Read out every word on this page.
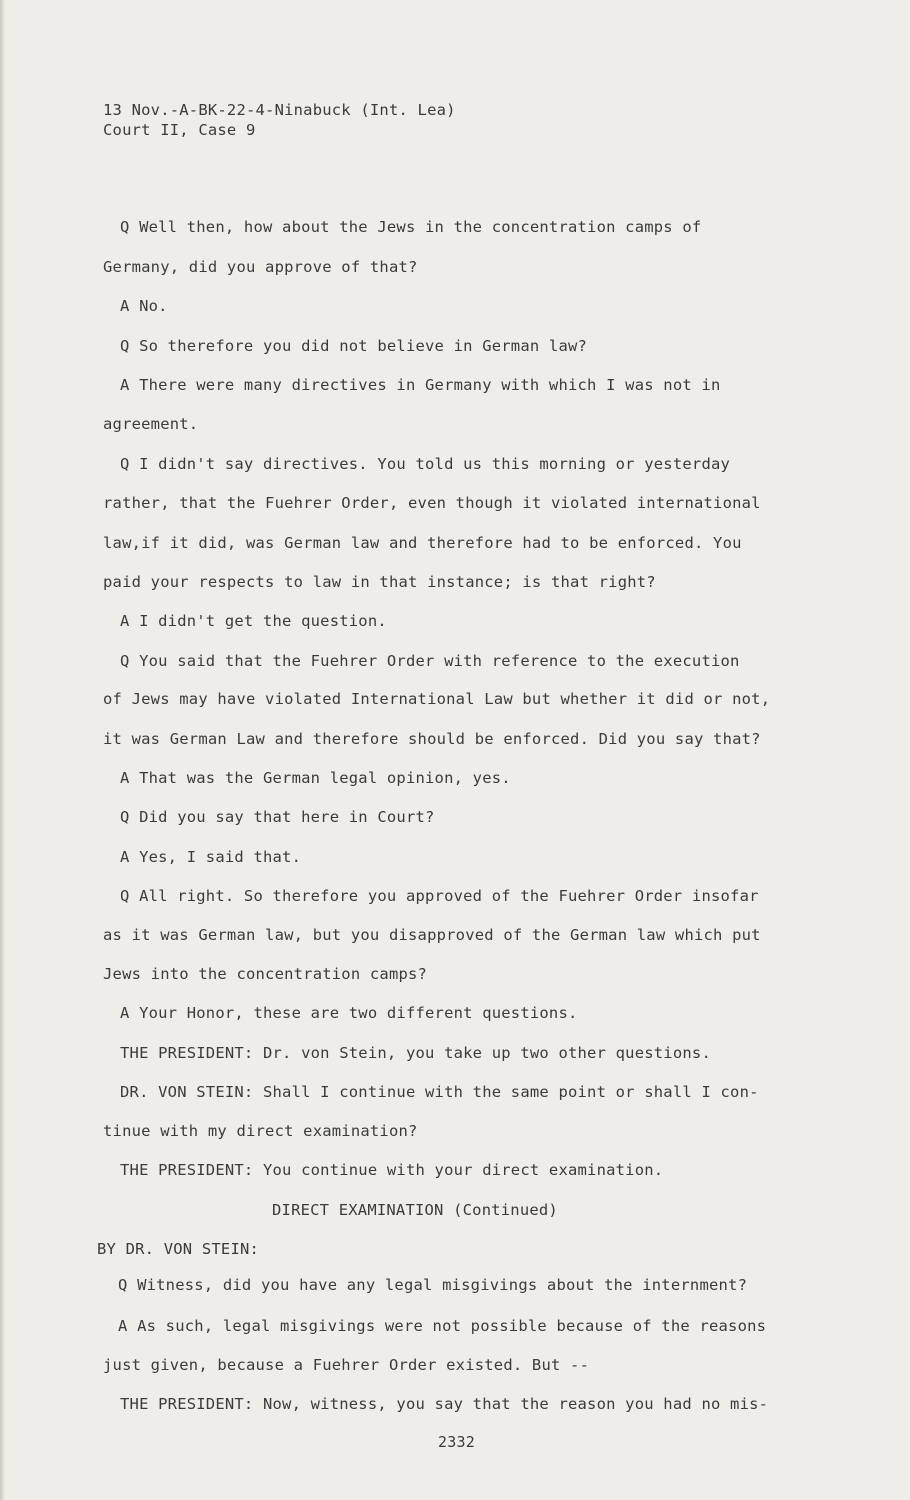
13 Nov.-A-BK-22-4-Ninabuck (Int. Lea)
Court II, Case 9
Q Well then, how about the Jews in the concentration camps of
Germany, did you approve of that?
A No.
Q So therefore you did not believe in German law?
A There were many directives in Germany with which I was not in
agreement.
Q I didn't say directives. You told us this morning or yesterday
rather, that the Fuehrer Order, even though it violated international
law,if it did, was German law and therefore had to be enforced. You
paid your respects to law in that instance; is that right?
A I didn't get the question.
Q You said that the Fuehrer Order with reference to the execution
of Jews may have violated International Law but whether it did or not,
it was German Law and therefore should be enforced. Did you say that?
A That was the German legal opinion, yes.
Q Did you say that here in Court?
A Yes, I said that.
Q All right. So therefore you approved of the Fuehrer Order insofar
as it was German law, but you disapproved of the German law which put
Jews into the concentration camps?
A Your Honor, these are two different questions.
THE PRESIDENT: Dr. von Stein, you take up two other questions.
DR. VON STEIN: Shall I continue with the same point or shall I con-
tinue with my direct examination?
THE PRESIDENT: You continue with your direct examination.
DIRECT EXAMINATION (Continued)
BY DR. VON STEIN:
Q Witness, did you have any legal misgivings about the internment?
A As such, legal misgivings were not possible because of the reasons
just given, because a Fuehrer Order existed. But --
THE PRESIDENT: Now, witness, you say that the reason you had no mis-
2332
